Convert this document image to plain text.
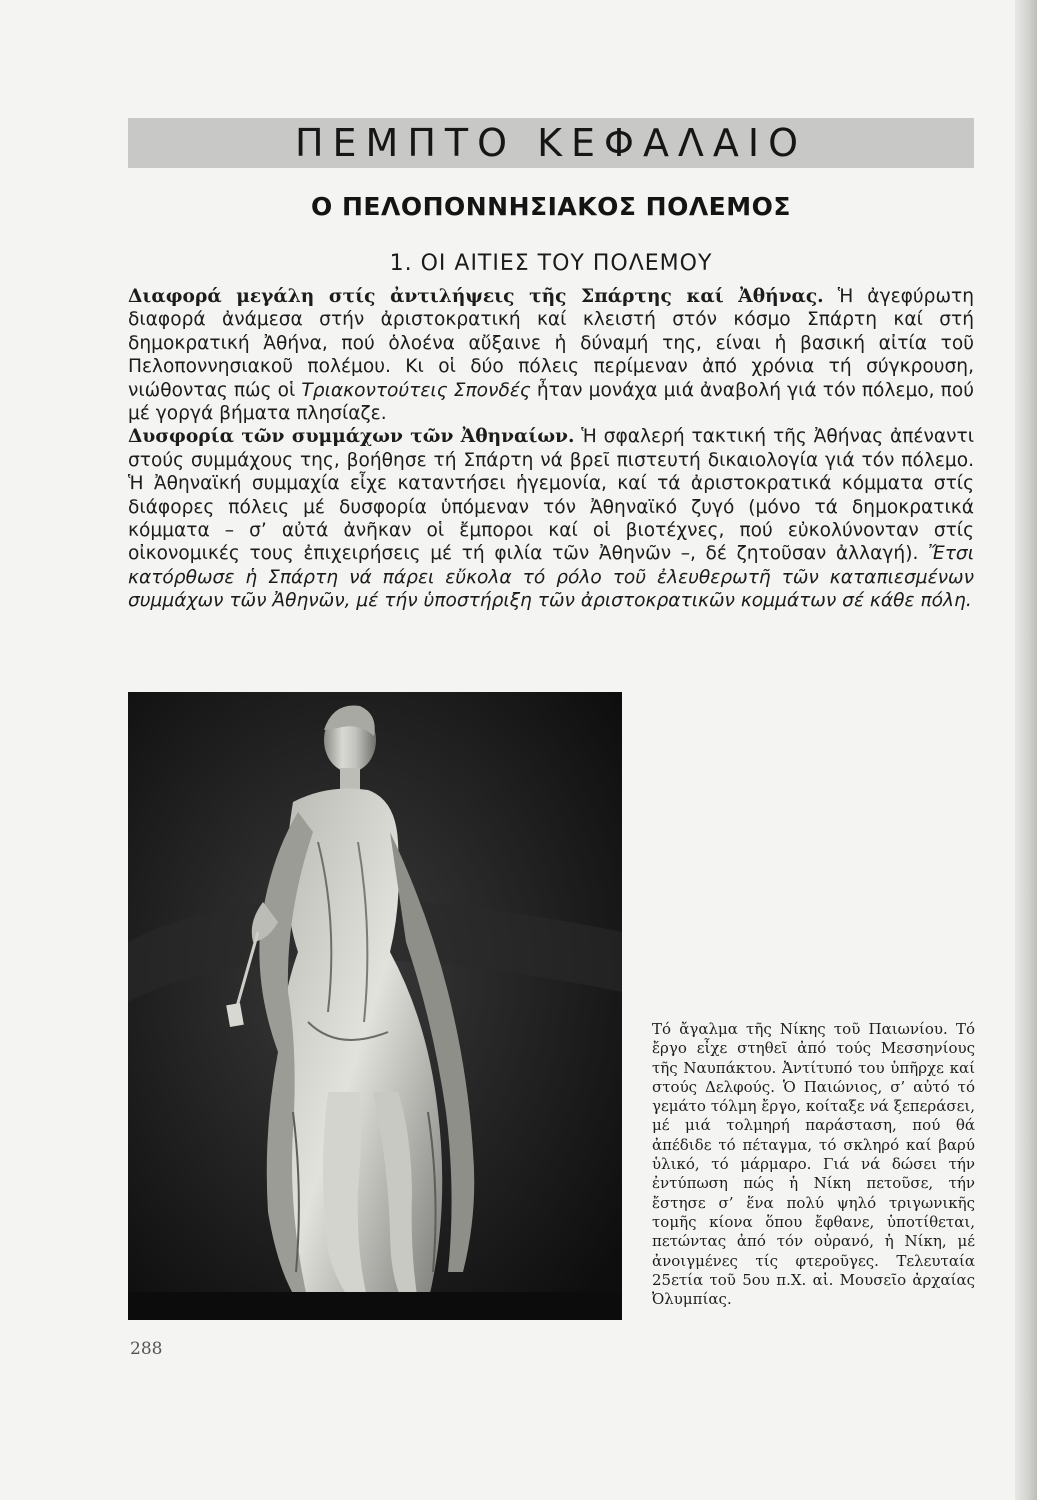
ΠΕΜΠΤΟ ΚΕΦΑΛΑΙΟ
Ο ΠΕΛΟΠΟΝΝΗΣΙΑΚΟΣ ΠΟΛΕΜΟΣ
1. ΟΙ ΑΙΤΙΕΣ ΤΟΥ ΠΟΛΕΜΟΥ

Διαφορά μεγάλη στίς ἀντιλήψεις τῆς Σπάρτης καί Ἀθήνας. Ἡ ἀγεφύρωτη διαφορά ἀνάμεσα στήν ἀριστοκρατική καί κλειστή στόν κόσμο Σπάρτη καί στή δημοκρατική Ἀθήνα, πού ὁλοένα αὔξαινε ἡ δύναμή της, είναι ἡ βασική αἰτία τοῦ Πελοποννησιακοῦ πολέμου. Κι οἱ δύο πόλεις περίμεναν ἀπό χρόνια τή σύγκρουση, νιώθοντας πώς οἱ Τριακοντούτεις Σπονδές ἦταν μονάχα μιά ἀναβολή γιά τόν πόλεμο, πού μέ γοργά βήματα πλησίαζε.

Δυσφορία τῶν συμμάχων τῶν Ἀθηναίων. Ἡ σφαλερή τακτική τῆς Ἀθήνας ἀπέναντι στούς συμμάχους της, βοήθησε τή Σπάρτη νά βρεῖ πιστευτή δικαιολογία γιά τόν πόλεμο. Ἡ Ἀθηναϊκή συμμαχία εἶχε καταντήσει ἡγεμονία, καί τά ἀριστοκρατικά κόμματα στίς διάφορες πόλεις μέ δυσφορία ὑπόμεναν τόν Ἀθηναϊκό ζυγό (μόνο τά δημοκρατικά κόμματα – σ’ αὐτά ἀνῆκαν οἱ ἔμποροι καί οἱ βιοτέχνες, πού εὐκολύνονταν στίς οἰκονομικές τους ἐπιχειρήσεις μέ τή φιλία τῶν Ἀθηνῶν –, δέ ζητοῦσαν ἀλλαγή). Ἔτσι κατόρθωσε ἡ Σπάρτη νά πάρει εὔκολα τό ρόλο τοῦ ἐλευθερωτῆ τῶν καταπιεσμένων συμμάχων τῶν Ἀθηνῶν, μέ τήν ὑποστήριξη τῶν ἀριστοκρατικῶν κομμάτων σέ κάθε πόλη.

Τό ἄγαλμα τῆς Νίκης τοῦ Παιωνίου. Τό ἔργο εἶχε στηθεῖ ἀπό τούς Μεσσηνίους τῆς Ναυπάκτου. Ἀντίτυπό του ὑπῆρχε καί στούς Δελφούς. Ὁ Παιώνιος, σ’ αὐτό τό γεμάτο τόλμη ἔργο, κοίταξε νά ξεπεράσει, μέ μιά τολμηρή παράσταση, πού θά ἀπέδιδε τό πέταγμα, τό σκληρό καί βαρύ ὑλικό, τό μάρμαρο. Γιά νά δώσει τήν ἐντύπωση πώς ἡ Νίκη πετοῦσε, τήν ἔστησε σ’ ἕνα πολύ ψηλό τριγωνικῆς τομῆς κίονα ὅπου ἔφθανε, ὑποτίθεται, πετώντας ἀπό τόν οὐρανό, ἡ Νίκη, μέ ἀνοιγμένες τίς φτεροῦγες. Τελευταία 25ετία τοῦ 5ου π.Χ. αἰ. Μουσεῖο ἀρχαίας Ὀλυμπίας.
288
